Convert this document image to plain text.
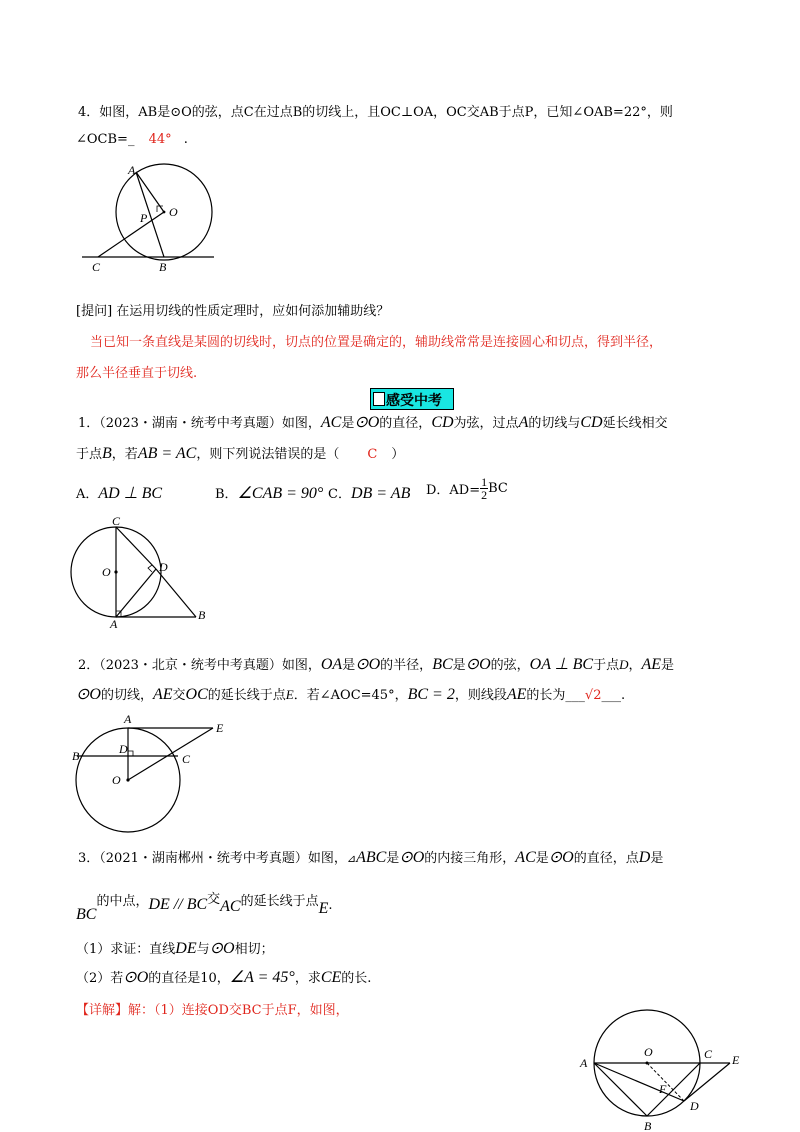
4．如图，AB是⊙O的弦，点C在过点B的切线上，且OC⊥OA，OC交AB于点P，已知∠OAB=22°，则
∠OCB=_ 44° .
A
O
P
C	B
[提问] 在运用切线的性质定理时，应如何添加辅助线？
当已知一条直线是某圆的切线时，切点的位置是确定的，辅助线常常是连接圆心和切点，得到半径，
那么半径垂直于切线.
感受中考
1．（2023・湖南・统考中考真题）如图，AC是⊙O的直径，CD为弦，过点A的切线与CD延长线相交
于点B，若AB = AC，则下列说法错误的是（ C ）
A．AD ⊥ BC	B．∠CAB = 90° C．DB = AB D．$AD= \frac{1}{2}$ BC
C
O	D
A
B
2．（2023・北京・统考中考真题）如图，OA是⊙O的半径，BC是⊙O的弦，OA ⊥ BC于点D，AE是
⊙O的切线，AE交OC的延长线于点E．若∠AOC=45°，BC = 2，则线段AE的长为___√2___.
A
E
B	D
C
O
3．（2021・湖南郴州・统考中考真题）如图，⊿ABC是⊙O的内接三角形，AC是⊙O的直径，点D是
BC的中点，DE // BC交AC的延长线于点E.
（1）求证：直线DE与⊙O相切；
（2）若⊙O的直径是10，∠A = 45°，求CE的长.
【详解】解：（1）连接OD交BC于点F，如图，
A
O	C E
F
D
B
